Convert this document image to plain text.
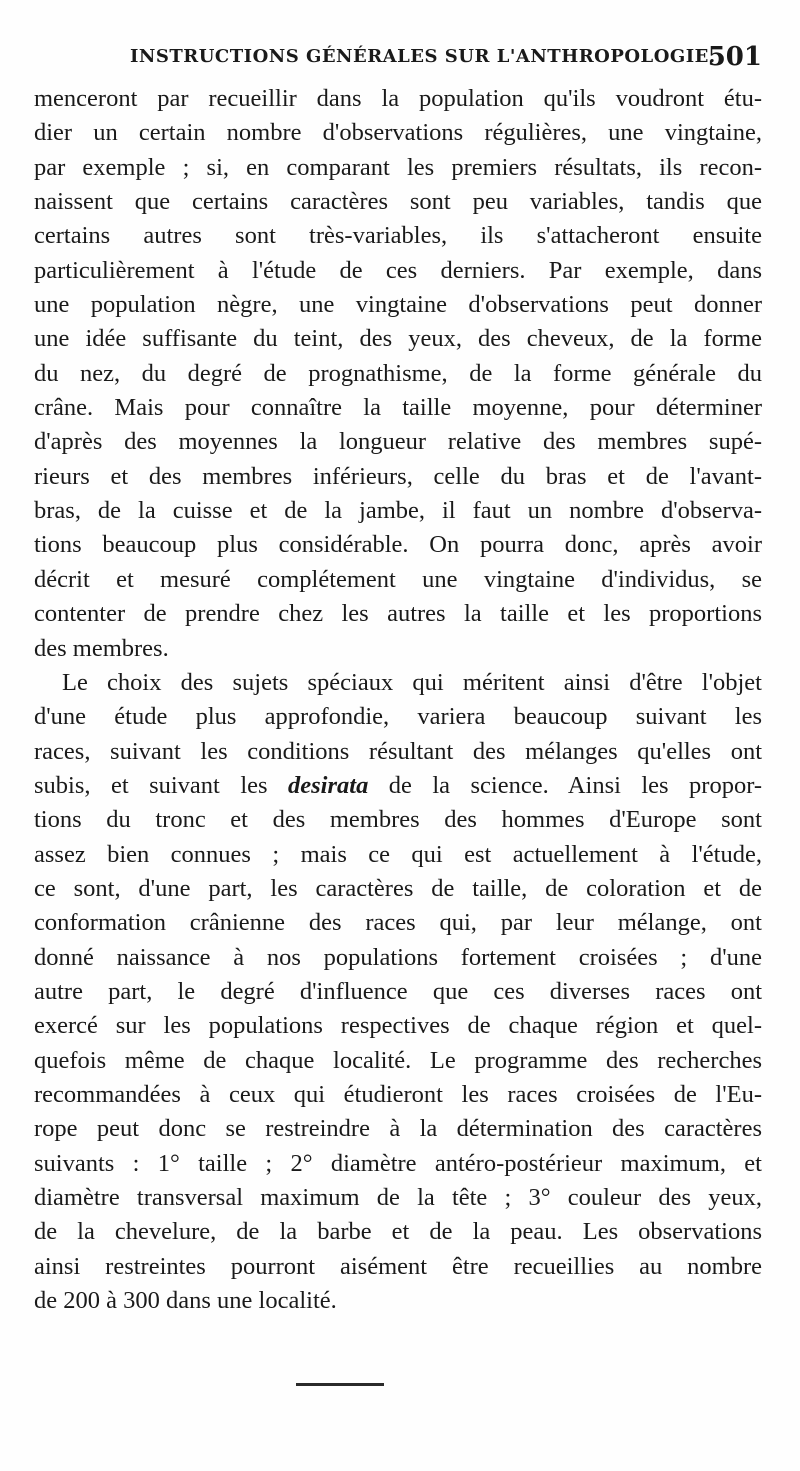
INSTRUCTIONS GÉNÉRALES SUR L'ANTHROPOLOGIE.
501
menceront par recueillir dans la population qu'ils voudront étu-
dier un certain nombre d'observations régulières, une vingtaine,
par exemple ; si, en comparant les premiers résultats, ils recon-
naissent que certains caractères sont peu variables, tandis que
certains autres sont très-variables, ils s'attacheront ensuite
particulièrement à l'étude de ces derniers. Par exemple, dans
une population nègre, une vingtaine d'observations peut donner
une idée suffisante du teint, des yeux, des cheveux, de la forme
du nez, du degré de prognathisme, de la forme générale du
crâne. Mais pour connaître la taille moyenne, pour déterminer
d'après des moyennes la longueur relative des membres supé-
rieurs et des membres inférieurs, celle du bras et de l'avant-
bras, de la cuisse et de la jambe, il faut un nombre d'observa-
tions beaucoup plus considérable. On pourra donc, après avoir
décrit et mesuré complétement une vingtaine d'individus, se
contenter de prendre chez les autres la taille et les proportions
des membres.
Le choix des sujets spéciaux qui méritent ainsi d'être l'objet
d'une étude plus approfondie, variera beaucoup suivant les
races, suivant les conditions résultant des mélanges qu'elles ont
subis, et suivant les desirata de la science. Ainsi les propor-
tions du tronc et des membres des hommes d'Europe sont
assez bien connues ; mais ce qui est actuellement à l'étude,
ce sont, d'une part, les caractères de taille, de coloration et de
conformation crânienne des races qui, par leur mélange, ont
donné naissance à nos populations fortement croisées ; d'une
autre part, le degré d'influence que ces diverses races ont
exercé sur les populations respectives de chaque région et quel-
quefois même de chaque localité. Le programme des recherches
recommandées à ceux qui étudieront les races croisées de l'Eu-
rope peut donc se restreindre à la détermination des caractères
suivants : 1° taille ; 2° diamètre antéro-postérieur maximum, et
diamètre transversal maximum de la tête ; 3° couleur des yeux,
de la chevelure, de la barbe et de la peau. Les observations
ainsi restreintes pourront aisément être recueillies au nombre
de 200 à 300 dans une localité.
